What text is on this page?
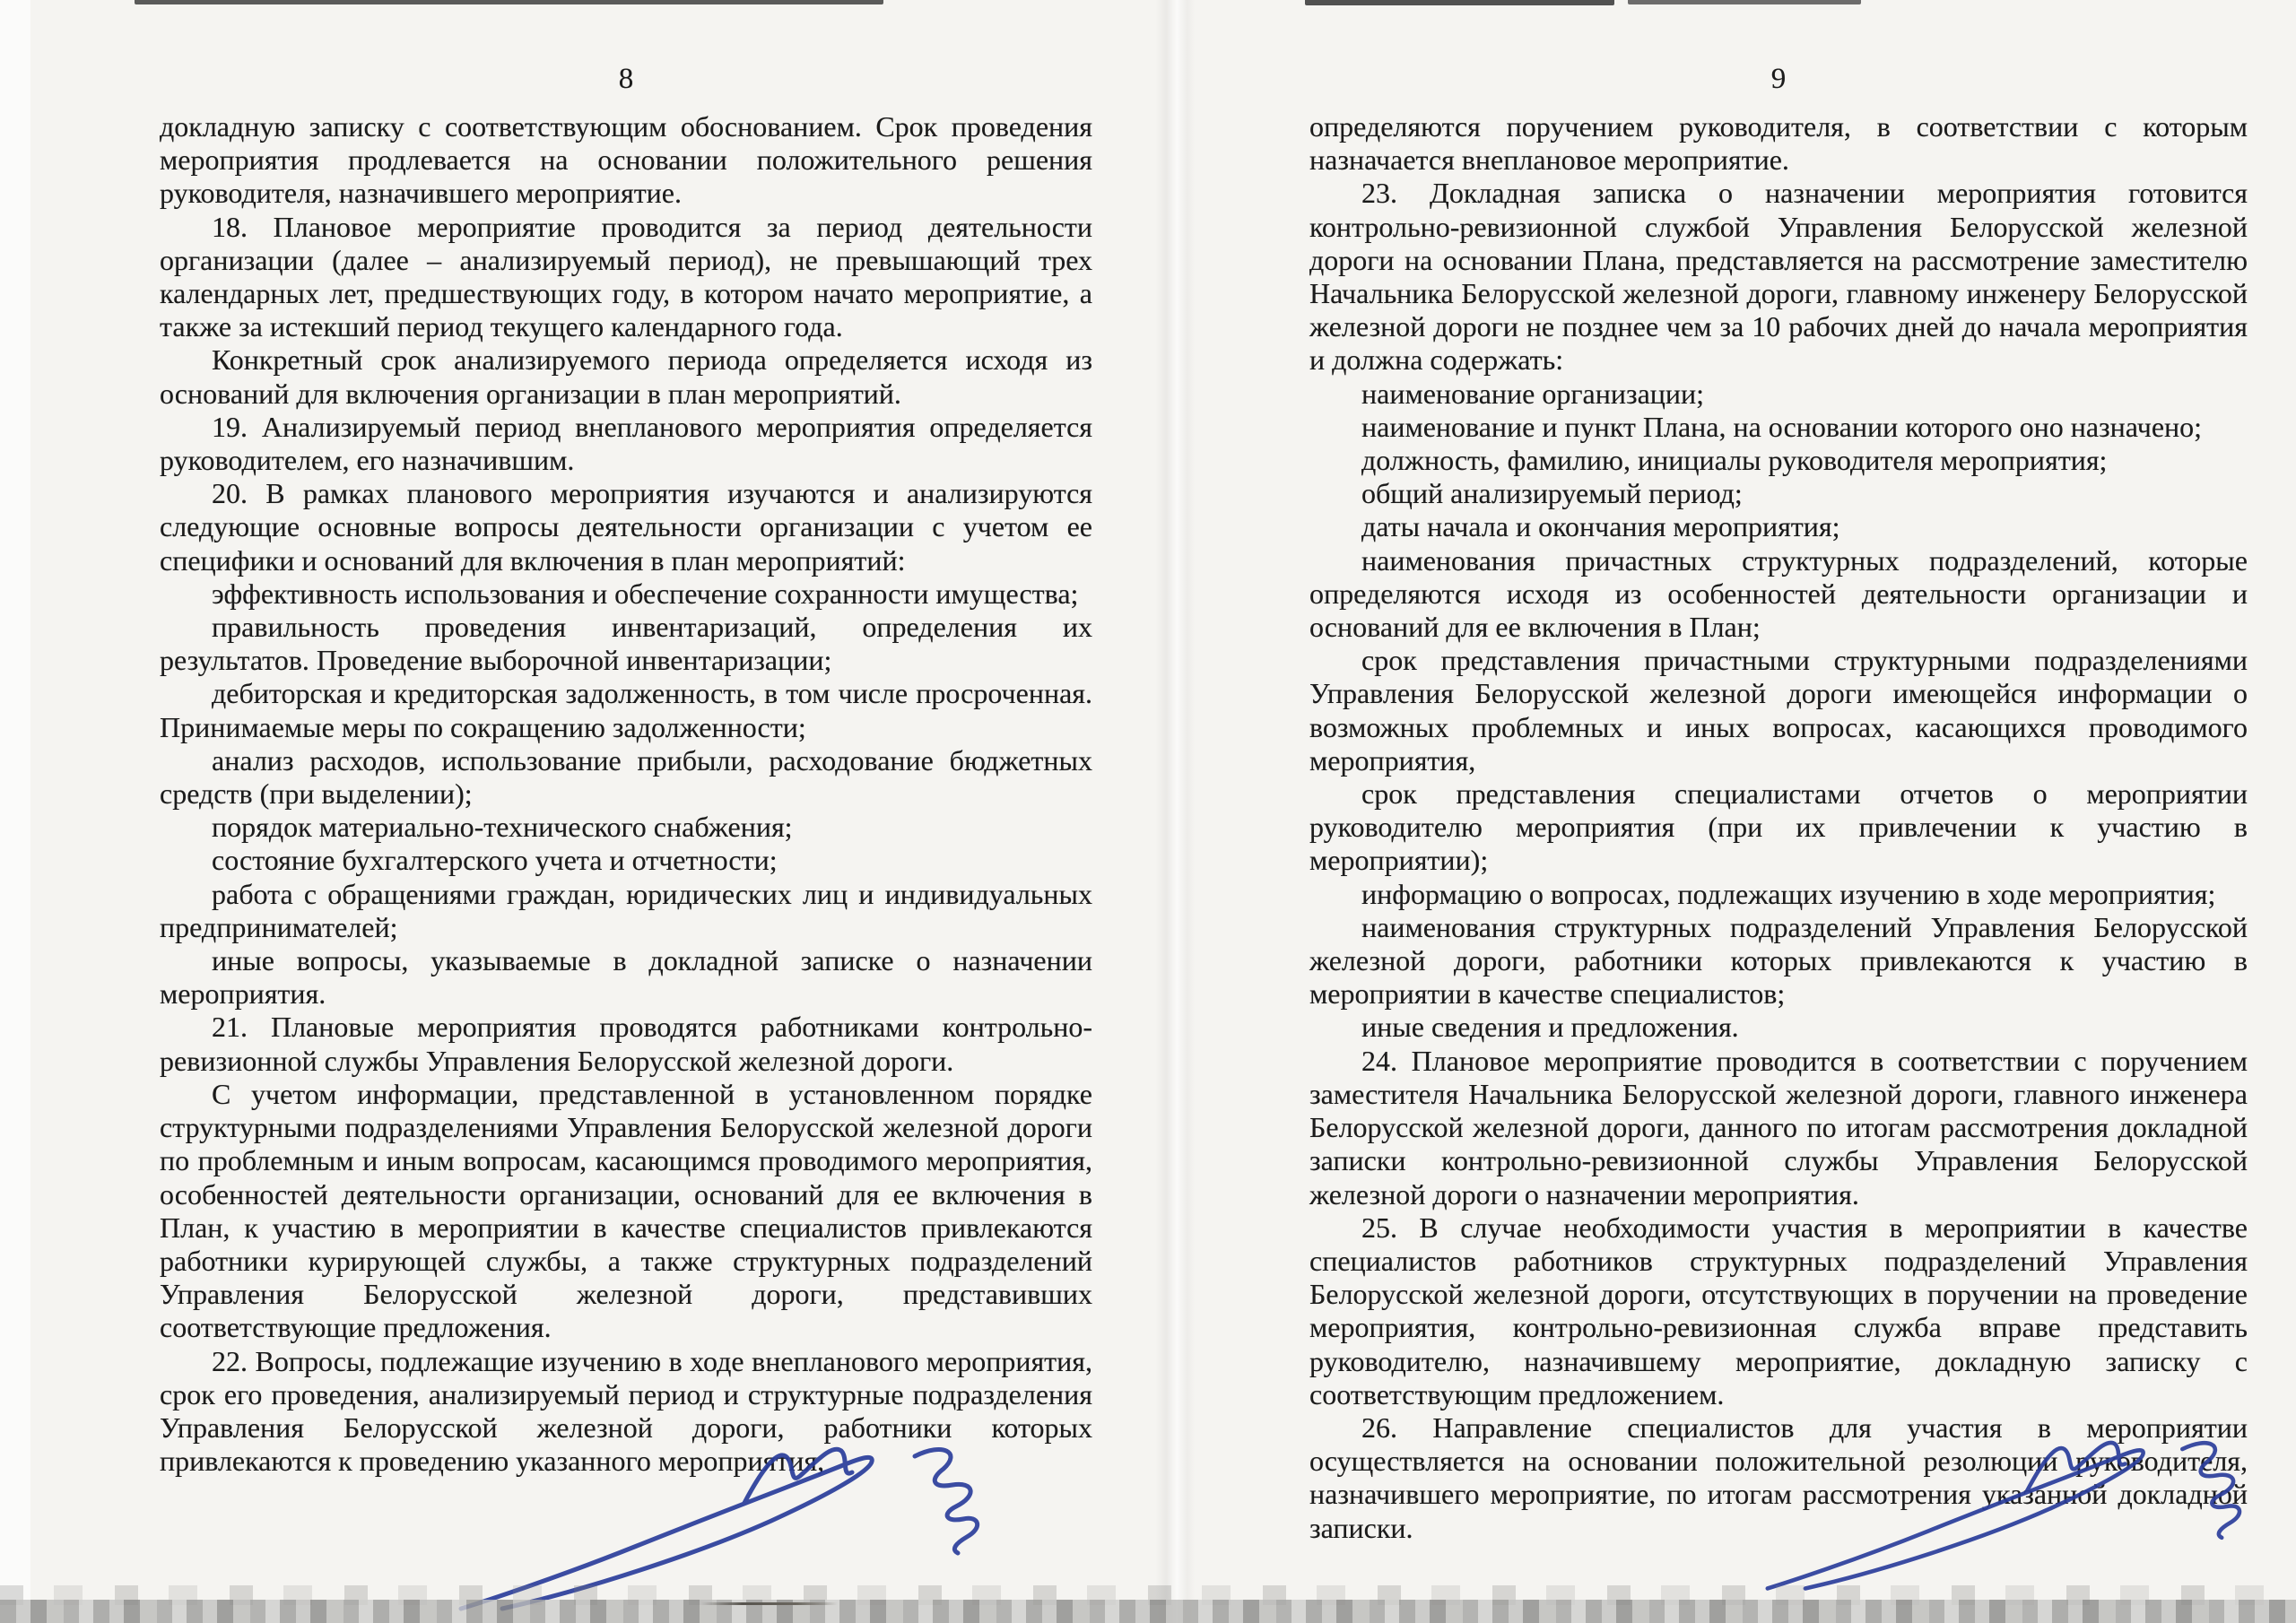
8

докладную записку с соответствующим обоснованием. Срок проведения мероприятия продлевается на основании положительного решения руководителя, назначившего мероприятие.

18. Плановое мероприятие проводится за период деятельности организации (далее – анализируемый период), не превышающий трех календарных лет, предшествующих году, в котором начато мероприятие, а также за истекший период текущего календарного года.

Конкретный срок анализируемого периода определяется исходя из оснований для включения организации в план мероприятий.

19. Анализируемый период внепланового мероприятия определяется руководителем, его назначившим.

20. В рамках планового мероприятия изучаются и анализируются следующие основные вопросы деятельности организации с учетом ее специфики и оснований для включения в план мероприятий:

эффективность использования и обеспечение сохранности имущества;

правильность проведения инвентаризаций, определения их результатов. Проведение выборочной инвентаризации;

дебиторская и кредиторская задолженность, в том числе просроченная. Принимаемые меры по сокращению задолженности;

анализ расходов, использование прибыли, расходование бюджетных средств (при выделении);

порядок материально-технического снабжения;

состояние бухгалтерского учета и отчетности;

работа с обращениями граждан, юридических лиц и индивидуальных предпринимателей;

иные вопросы, указываемые в докладной записке о назначении мероприятия.

21. Плановые мероприятия проводятся работниками контрольно-ревизионной службы Управления Белорусской железной дороги.

С учетом информации, представленной в установленном порядке структурными подразделениями Управления Белорусской железной дороги по проблемным и иным вопросам, касающимся проводимого мероприятия, особенностей деятельности организации, оснований для ее включения в План, к участию в мероприятии в качестве специалистов привлекаются работники курирующей службы, а также структурных подразделений Управления Белорусской железной дороги, представивших соответствующие предложения.

22. Вопросы, подлежащие изучению в ходе внепланового мероприятия, срок его проведения, анализируемый период и структурные подразделения Управления Белорусской железной дороги, работники которых привлекаются к проведению указанного мероприятия,

9

определяются поручением руководителя, в соответствии с которым назначается внеплановое мероприятие.

23. Докладная записка о назначении мероприятия готовится контрольно-ревизионной службой Управления Белорусской железной дороги на основании Плана, представляется на рассмотрение заместителю Начальника Белорусской железной дороги, главному инженеру Белорусской железной дороги не позднее чем за 10 рабочих дней до начала мероприятия и должна содержать:

наименование организации;

наименование и пункт Плана, на основании которого оно назначено;

должность, фамилию, инициалы руководителя мероприятия;

общий анализируемый период;

даты начала и окончания мероприятия;

наименования причастных структурных подразделений, которые определяются исходя из особенностей деятельности организации и оснований для ее включения в План;

срок представления причастными структурными подразделениями Управления Белорусской железной дороги имеющейся информации о возможных проблемных и иных вопросах, касающихся проводимого мероприятия,

срок представления специалистами отчетов о мероприятии руководителю мероприятия (при их привлечении к участию в мероприятии);

информацию о вопросах, подлежащих изучению в ходе мероприятия;

наименования структурных подразделений Управления Белорусской железной дороги, работники которых привлекаются к участию в мероприятии в качестве специалистов;

иные сведения и предложения.

24. Плановое мероприятие проводится в соответствии с поручением заместителя Начальника Белорусской железной дороги, главного инженера Белорусской железной дороги, данного по итогам рассмотрения докладной записки контрольно-ревизионной службы Управления Белорусской железной дороги о назначении мероприятия.

25. В случае необходимости участия в мероприятии в качестве специалистов работников структурных подразделений Управления Белорусской железной дороги, отсутствующих в поручении на проведение мероприятия, контрольно-ревизионная служба вправе представить руководителю, назначившему мероприятие, докладную записку с соответствующим предложением.

26. Направление специалистов для участия в мероприятии осуществляется на основании положительной резолюции руководителя, назначившего мероприятие, по итогам рассмотрения указанной докладной записки.
